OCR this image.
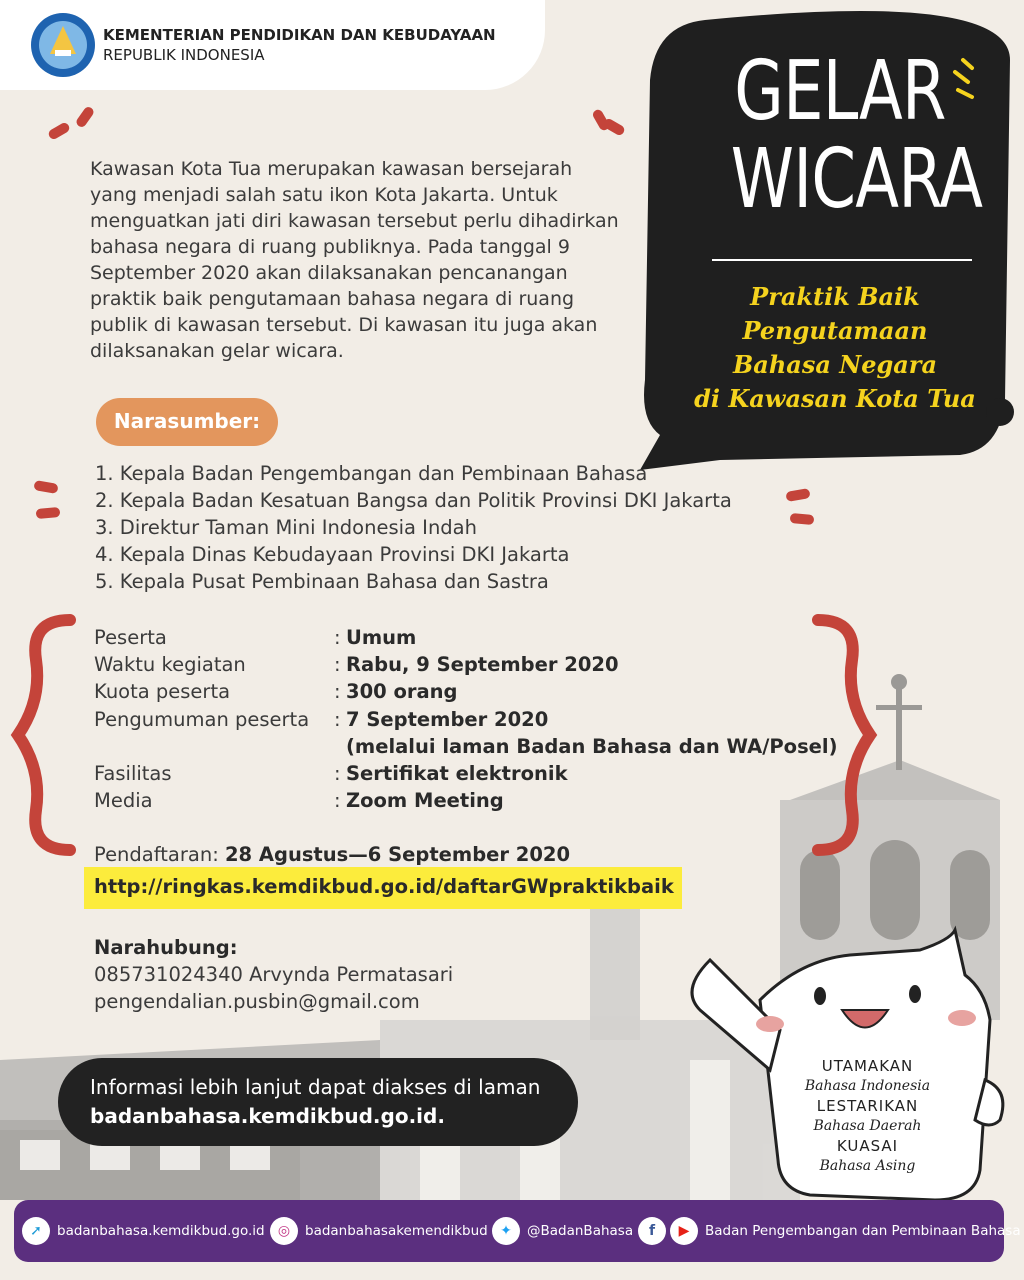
KEMENTERIAN PENDIDIKAN DAN KEBUDAYAAN
REPUBLIK INDONESIA	GELAR
WICARA
Praktik Baik Pengutamaan
Bahasa Negara
di Kawasan Kota Tua
Kawasan Kota Tua merupakan kawasan bersejarah yang menjadi salah satu ikon Kota Jakarta. Untuk menguatkan jati diri kawasan tersebut perlu dihadirkan bahasa negara di ruang publiknya. Pada tanggal 9 September 2020 akan dilaksanakan pencanangan praktik baik pengutamaan bahasa negara di ruang publik di kawasan tersebut. Di kawasan itu juga akan dilaksanakan gelar wicara.
Narasumber:
1. Kepala Badan Pengembangan dan Pembinaan Bahasa
2. Kepala Badan Kesatuan Bangsa dan Politik Provinsi DKI Jakarta
3. Direktur Taman Mini Indonesia Indah
4. Kepala Dinas Kebudayaan Provinsi DKI Jakarta
5. Kepala Pusat Pembinaan Bahasa dan Sastra
Peserta	: Umum
Waktu kegiatan	: Rabu, 9 September 2020
Kuota peserta	: 300 orang
Pengumuman peserta	: 7 September 2020
(melalui laman Badan Bahasa dan WA/Posel)
Fasilitas	: Sertifikat elektronik
Media	: Zoom Meeting
Pendaftaran: 28 Agustus—6 September 2020
http://ringkas.kemdikbud.go.id/daftarGWpraktikbaik
Narahubung:
085731024340 Arvynda Permatasari
pengendalian.pusbin@gmail.com
Informasi lebih lanjut dapat diakses di laman
badanbahasa.kemdikbud.go.id.
UTAMAKAN
Bahasa Indonesia
LESTARIKAN
Bahasa Daerah
KUASAI
Bahasa Asing
➚	badanbahasa.kemdikbud.go.id ◎	badanbahasakemendikbud ✦	@BadanBahasa	f	▶	Badan Pengembangan dan Pembinaan Bahasa
